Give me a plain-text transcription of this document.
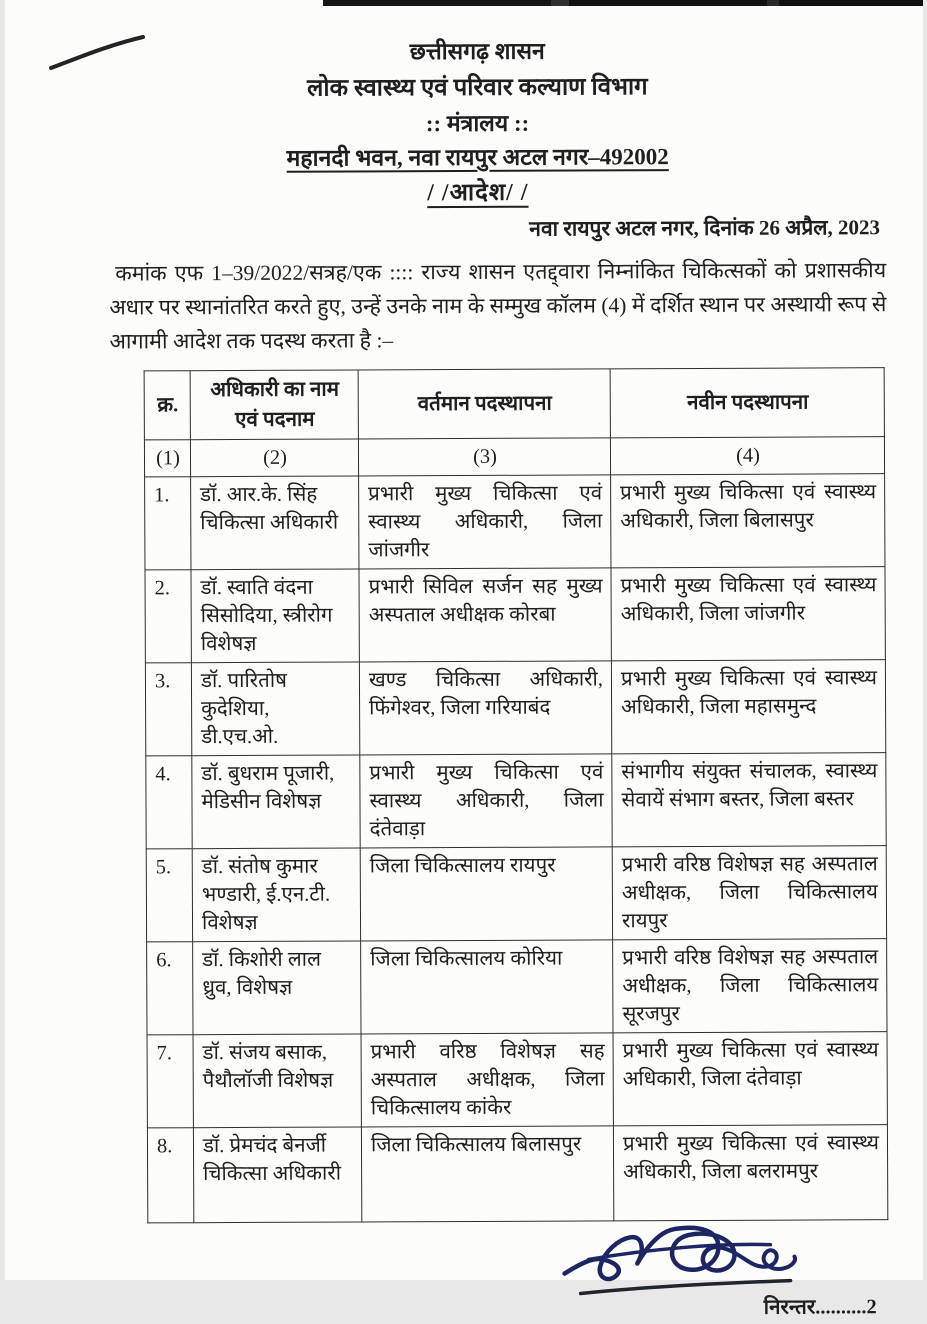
छत्तीसगढ़ शासन
लोक स्वास्थ्य एवं परिवार कल्याण विभाग
:: मंत्रालय ::
महानदी भवन, नवा रायपुर अटल नगर–492002
/ /आदेश/ /
नवा रायपुर अटल नगर, दिनांक 26 अप्रैल, 2023

कमांक एफ 1–39/2022/सत्रह/एक :::: राज्य शासन एतद्द्वारा निम्नांकित चिकित्सकों को प्रशासकीय अधार पर स्थानांतरित करते हुए, उन्हें उनके नाम के सम्मुख कॉलम (4) में दर्शित स्थान पर अस्थायी रूप से आगामी आदेश तक पदस्थ करता है :–

क्र.	अधिकारी का नाम एवं पदनाम	वर्तमान पदस्थापना	नवीन पदस्थापना
(1)	(2)	(3)	(4)
1.	डॉ. आर.के. सिंह चिकित्सा अधिकारी	प्रभारी मुख्य चिकित्सा एवं स्वास्थ्य अधिकारी, जिला जांजगीर	प्रभारी मुख्य चिकित्सा एवं स्वास्थ्य अधिकारी, जिला बिलासपुर
2.	डॉ. स्वाति वंदना सिसोदिया, स्त्रीरोग विशेषज्ञ	प्रभारी सिविल सर्जन सह मुख्य अस्पताल अधीक्षक कोरबा	प्रभारी मुख्य चिकित्सा एवं स्वास्थ्य अधिकारी, जिला जांजगीर
3.	डॉ. पारितोष कुदेशिया, डी.एच.ओ.	खण्ड चिकित्सा अधिकारी, फिंगेश्वर, जिला गरियाबंद	प्रभारी मुख्य चिकित्सा एवं स्वास्थ्य अधिकारी, जिला महासमुन्द
4.	डॉ. बुधराम पूजारी, मेडिसीन विशेषज्ञ	प्रभारी मुख्य चिकित्सा एवं स्वास्थ्य अधिकारी, जिला दंतेवाड़ा	संभागीय संयुक्त संचालक, स्वास्थ्य सेवायें संभाग बस्तर, जिला बस्तर
5.	डॉ. संतोष कुमार भण्डारी, ई.एन.टी. विशेषज्ञ	जिला चिकित्सालय रायपुर	प्रभारी वरिष्ठ विशेषज्ञ सह अस्पताल अधीक्षक, जिला चिकित्सालय रायपुर
6.	डॉ. किशोरी लाल ध्रुव, विशेषज्ञ	जिला चिकित्सालय कोरिया	प्रभारी वरिष्ठ विशेषज्ञ सह अस्पताल अधीक्षक, जिला चिकित्सालय सूरजपुर
7.	डॉ. संजय बसाक, पैथौलॉजी विशेषज्ञ	प्रभारी वरिष्ठ विशेषज्ञ सह अस्पताल अधीक्षक, जिला चिकित्सालय कांकेर	प्रभारी मुख्य चिकित्सा एवं स्वास्थ्य अधिकारी, जिला दंतेवाड़ा
8.	डॉ. प्रेमचंद बेनर्जी चिकित्सा अधिकारी	जिला चिकित्सालय बिलासपुर	प्रभारी मुख्य चिकित्सा एवं स्वास्थ्य अधिकारी, जिला बलरामपुर
निरन्तर..........2
